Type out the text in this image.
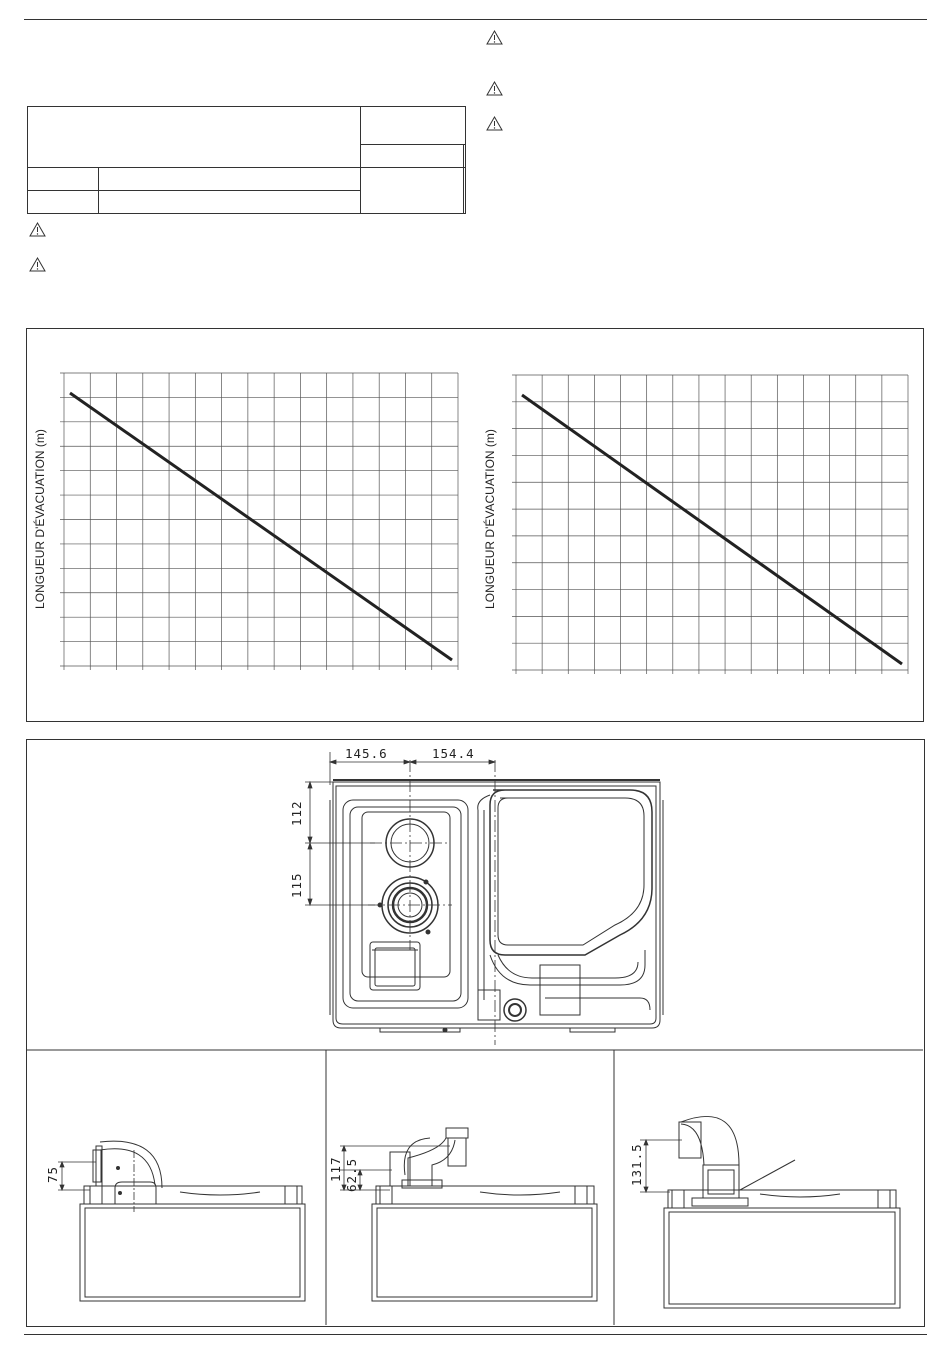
LONGUEUR D'ÉVACUATION (m)	LONGUEUR D'ÉVACUATION (m)
145.6	154.4
112
115
75	117 62.5	131.5
